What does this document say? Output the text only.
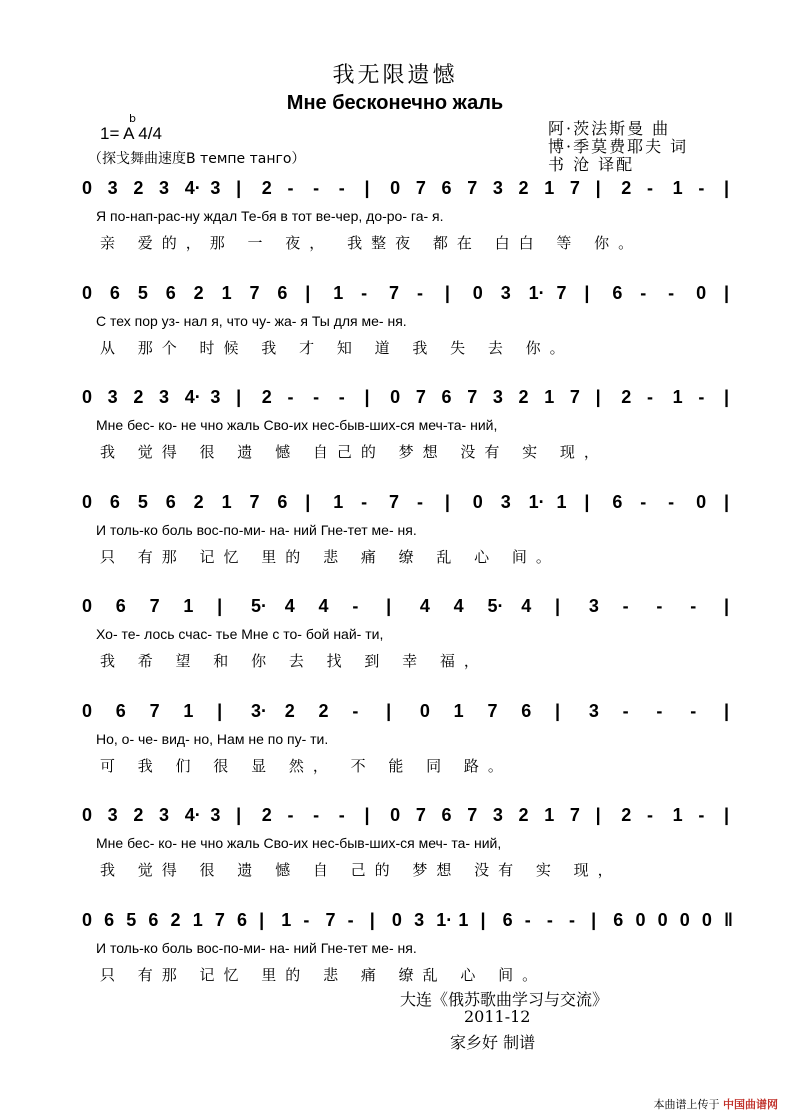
我无限遗憾
Мне бесконечно жаль
b
1= A 4/4
（探戈舞曲速度В темпе танго）
阿·茨法斯曼 曲
博·季莫费耶夫 词
书 沧 译配
0 3 2 3 4· 3 | 2 - - - | 0 7 6 7 3 2 1 7 | 2 - 1 - |
Я по-нап-рас-ну ждал Те-бя в тот ве-чер, до-ро- га- я.
亲 爱的，那 一 夜， 我整夜 都在 白白 等 你。
0 6 5 6 2 1 7 6 | 1 - 7 - | 0 3 1· 7 | 6 - - 0 |
С тех пор уз- нал я, что чу- жа- я Ты для ме- ня.
从 那个 时候 我 才 知 道 我 失 去 你。
0 3 2 3 4· 3 | 2 - - - | 0 7 6 7 3 2 1 7 | 2 - 1 - |
Мне бес- ко- не чно жаль Сво-их нес-быв-ших-ся меч-та- ний,
我 觉得 很 遗 憾 自己的 梦想 没有 实 现，
0 6 5 6 2 1 7 6 | 1 - 7 - | 0 3 1· 1 | 6 - - 0 |
И толь-ко боль вос-по-ми- на- ний Гне-тет ме- ня.
只 有那 记忆 里的 悲 痛 缭 乱 心 间。
0 6 7 1 | 5· 4 4 - | 4 4 5· 4 | 3 - - - |
Хо- те- лось счас- тье Мне с то- бой най- ти,
我 希 望 和 你 去 找 到 幸 福，
0 6 7 1 | 3· 2 2 - | 0 1 7 6 | 3 - - - |
Но, о- че- вид- но, Нам не по пу- ти.
可 我 们 很 显 然， 不 能 同 路。
0 3 2 3 4· 3 | 2 - - - | 0 7 6 7 3 2 1 7 | 2 - 1 - |
Мне бес- ко- не чно жаль Сво-их нес-быв-ших-ся меч- та- ний,
我 觉得 很 遗 憾 自 己的 梦想 没有 实 现，
0 6 5 6 2 1 7 6 | 1 - 7 - | 0 3 1· 1 | 6 - - - | 6 0 0 0 0 ‖
И толь-ко боль вос-по-ми- на- ний Гне-тет ме- ня.
只 有那 记忆 里的 悲 痛 缭乱 心 间。
大连《俄苏歌曲学习与交流》
2011-12
家乡好 制谱
本曲谱上传于 中国曲谱网
